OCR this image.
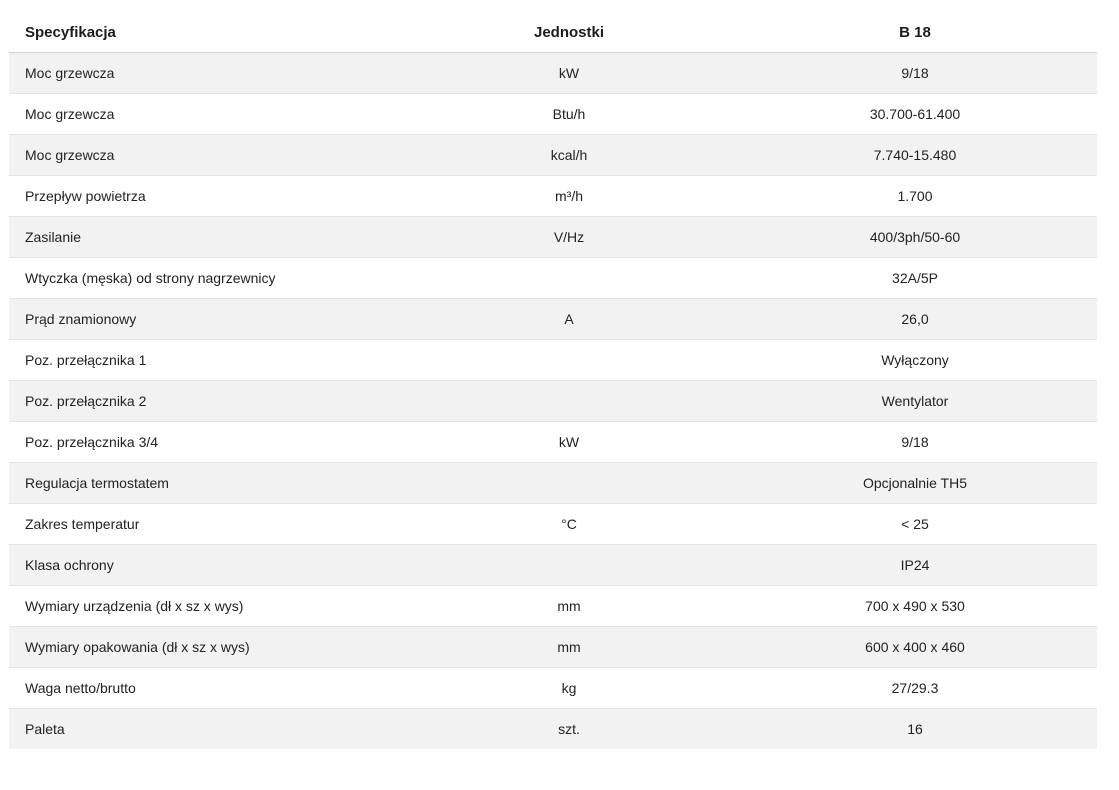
Specyfikacja	Jednostki	B 18
Moc grzewcza	kW	9/18
Moc grzewcza	Btu/h	30.700-61.400
Moc grzewcza	kcal/h	7.740-15.480
Przepływ powietrza	m³/h	1.700
Zasilanie	V/Hz	400/3ph/50-60
Wtyczka (męska) od strony nagrzewnicy		32A/5P
Prąd znamionowy	A	26,0
Poz. przełącznika 1		Wyłączony
Poz. przełącznika 2		Wentylator
Poz. przełącznika 3/4	kW	9/18
Regulacja termostatem		Opcjonalnie TH5
Zakres temperatur	°C	< 25
Klasa ochrony		IP24
Wymiary urządzenia (dł x sz x wys)	mm	700 x 490 x 530
Wymiary opakowania (dł x sz x wys)	mm	600 x 400 x 460
Waga netto/brutto	kg	27/29.3
Paleta	szt.	16
